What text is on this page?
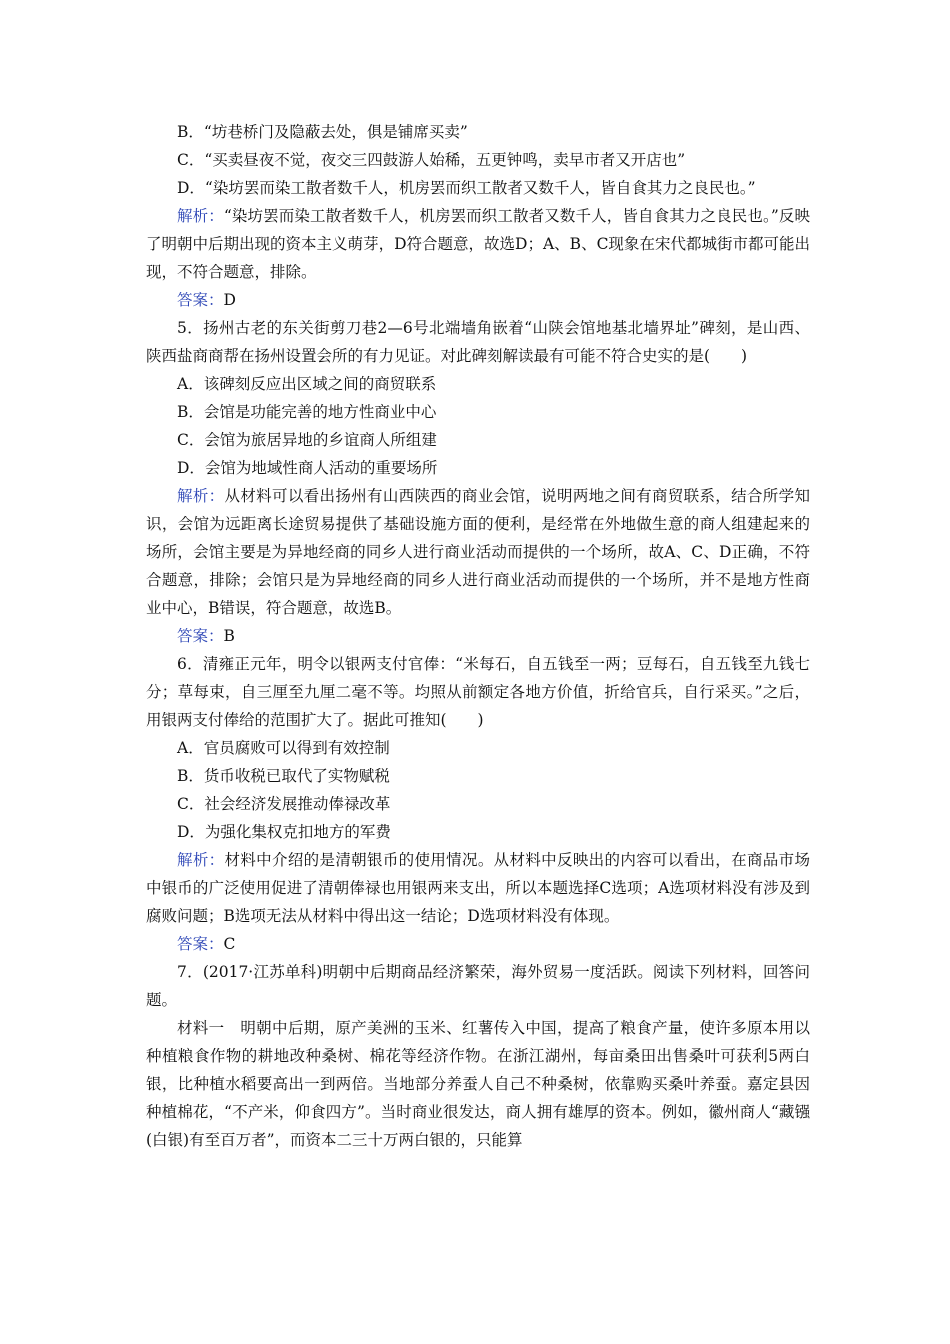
B．“坊巷桥门及隐蔽去处，俱是铺席买卖”

C．“买卖昼夜不觉，夜交三四鼓游人始稀，五更钟鸣，卖早市者又开店也”

D．“染坊罢而染工散者数千人，机房罢而织工散者又数千人，皆自食其力之良民也。”

解析：“染坊罢而染工散者数千人，机房罢而织工散者又数千人，皆自食其力之良民也。”反映了明朝中后期出现的资本主义萌芽，D符合题意，故选D；A、B、C现象在宋代都城街市都可能出现，不符合题意，排除。

答案：D

5．扬州古老的东关街剪刀巷2—6号北端墙角嵌着“山陕会馆地基北墙界址”碑刻，是山西、陕西盐商商帮在扬州设置会所的有力见证。对此碑刻解读最有可能不符合史实的是(　　)

A．该碑刻反应出区域之间的商贸联系

B．会馆是功能完善的地方性商业中心

C．会馆为旅居异地的乡谊商人所组建

D．会馆为地域性商人活动的重要场所

解析：从材料可以看出扬州有山西陕西的商业会馆，说明两地之间有商贸联系，结合所学知识，会馆为远距离长途贸易提供了基础设施方面的便利，是经常在外地做生意的商人组建起来的场所，会馆主要是为异地经商的同乡人进行商业活动而提供的一个场所，故A、C、D正确，不符合题意，排除；会馆只是为异地经商的同乡人进行商业活动而提供的一个场所，并不是地方性商业中心，B错误，符合题意，故选B。

答案：B

6．清雍正元年，明令以银两支付官俸：“米每石，自五钱至一两；豆每石，自五钱至九钱七分；草每束，自三厘至九厘二毫不等。均照从前额定各地方价值，折给官兵，自行采买。”之后，用银两支付俸给的范围扩大了。据此可推知(　　)

A．官员腐败可以得到有效控制

B．货币收税已取代了实物赋税

C．社会经济发展推动俸禄改革

D．为强化集权克扣地方的军费

解析：材料中介绍的是清朝银币的使用情况。从材料中反映出的内容可以看出，在商品市场中银币的广泛使用促进了清朝俸禄也用银两来支出，所以本题选择C选项；A选项材料没有涉及到腐败问题；B选项无法从材料中得出这一结论；D选项材料没有体现。

答案：C

7．(2017·江苏单科)明朝中后期商品经济繁荣，海外贸易一度活跃。阅读下列材料，回答问题。

材料一　 明朝中后期，原产美洲的玉米、红薯传入中国，提高了粮食产量，使许多原本用以种植粮食作物的耕地改种桑树、棉花等经济作物。在浙江湖州，每亩桑田出售桑叶可获利5两白银，比种植水稻要高出一到两倍。当地部分养蚕人自己不种桑树，依靠购买桑叶养蚕。嘉定县因种植棉花，“不产米，仰食四方”。当时商业很发达，商人拥有雄厚的资本。例如，徽州商人“藏镪(白银)有至百万者”，而资本二三十万两白银的，只能算
